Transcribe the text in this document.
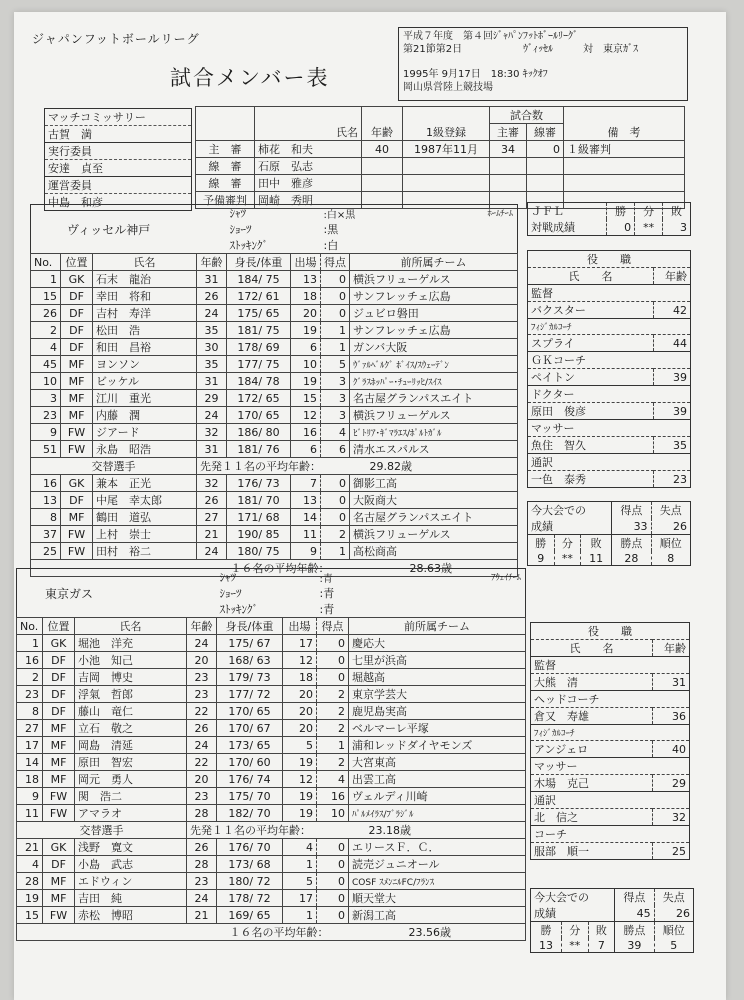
ジャパンフットボールリーグ
試合メンバー表
平成７年度　第４回ｼﾞｬﾊﾟﾝﾌｯﾄﾎﾞｰﾙﾘｰｸﾞ
第21節第2日	ｳﾞｨｯｾﾙ	対	東京ｶﾞｽ
1995年 9月17日　18:30 ｷｯｸｵﾌ
岡山県営陸上競技場
マッチコミッサリー
古賀　満
実行委員
安達　貞至
運営委員
中島　和彦
	氏名	年齢	1級登録	試合数		備　考
				主審	線審	
主　審	柿花　和夫	40	1987年11月	34	0	１級審判
線　審	石原　弘志					
線　審	田中　雅彦					
予備審判	岡崎　秀明					
ＪＦＬ	勝	分	敗
対戦成績	0	**	3
ヴィッセル神戸				ｼｬﾂ		:白×黒 ﾎｰﾑﾁｰﾑ	

				ｼｮｰﾂ		:黒	
				ｽﾄｯｷﾝｸﾞ		:白	
No.	位置	氏名	年齢	身長/体重	出場	得点	前所属チーム
1	GK	石末　龍治	31	184/ 75	13	0	横浜フリューゲルス
15	DF	幸田　将和	26	172/ 61	18	0	サンフレッチェ広島
26	DF	吉村　寿洋	24	175/ 65	20	0	ジュビロ磐田
2	DF	松田　浩	35	181/ 75	19	1	サンフレッチェ広島
4	DF	和田　昌裕	30	178/ 69	6	1	ガンバ大阪
45	MF	ヨンソン	35	177/ 75	10	5	ｳﾞｧﾙﾍﾞﾙｸﾞ ﾎﾞｲｽ/ｽｳｪｰﾃﾞﾝ
10	MF	ビッケル	31	184/ 78	19	3	ｸﾞﾗｽﾎｯﾊﾟｰ･ﾁｭｰﾘｯﾋ/ｽｲｽ
3	MF	江川　重光	29	172/ 65	15	3	名古屋グランパスエイト
23	MF	内藤　潤	24	170/ 65	12	3	横浜フリューゲルス
9	FW	ジアード	32	186/ 80	16	4	ﾋﾞﾄﾘｱ･ｷﾞﾏﾗｴｽ/ﾎﾟﾙﾄｶﾞﾙ
51	FW	永島　昭浩	31	181/ 76	6	6	清水エスパルス
交替選手			先発１１名の平均年齢：				29.82歳
16	GK	兼本　正光	32	176/ 73	7	0	御影工高
13	DF	中尾　幸太郎	26	181/ 70	13	0	大阪商大
8	MF	鶴田　道弘	27	171/ 68	14	0	名古屋グランパスエイト
37	FW	上村　崇士	21	190/ 85	11	2	横浜フリューゲルス
25	FW	田村　裕二	24	180/ 75	9	1	高松商高
１６名の平均年齢：							28.63歳
役　　職	
氏　　名	年齢
監督	
バクスター	42
ﾌｨｼﾞｶﾙｺｰﾁ	
スプライ	44
ＧＫコーチ	
ペイトン	39
ドクター	
原田　俊彦	39
マッサー	
魚住　智久	35
通訳	
一色　泰秀	23
今大会での			得点	失点
成績			33	26
勝	分	敗	勝点	順位
9	**	11	28	8
東京ガス				ｼｬﾂ		:青 ｱｳｪｲﾁｰﾑ	

				ｼｮｰﾂ		:青	
				ｽﾄｯｷﾝｸﾞ		:青	
No.	位置	氏名	年齢	身長/体重	出場	得点	前所属チーム
1	GK	堀池　洋充	24	175/ 67	17	0	慶応大
16	DF	小池　知己	20	168/ 63	12	0	七里が浜高
2	DF	吉岡　博史	23	179/ 73	18	0	堀越高
23	DF	浮氣　哲郎	23	177/ 72	20	2	東京学芸大
8	DF	藤山　竜仁	22	170/ 65	20	2	鹿児島実高
27	MF	立石　敬之	26	170/ 67	20	2	ベルマーレ平塚
17	MF	岡島　清延	24	173/ 65	5	1	浦和レッドダイヤモンズ
14	MF	原田　智宏	22	170/ 60	19	2	大宮東高
18	MF	岡元　勇人	20	176/ 74	12	4	出雲工高
9	FW	関　浩二	23	175/ 70	19	16	ヴェルディ川崎
11	FW	アマラオ	28	182/ 70	19	10	ﾊﾟﾙﾒｲﾗｽ/ﾌﾞﾗｼﾞﾙ
交替選手			先発１１名の平均年齢：				23.18歳
21	GK	浅野　寛文	26	176/ 70	4	0	エリースＦ．Ｃ．
4	DF	小島　武志	28	173/ 68	1	0	読売ジュニオール
28	MF	エドウィン	23	180/ 72	5	0	COSF ｽﾒﾝﾆﾙFC/ﾌﾗﾝｽ
19	MF	吉田　純	24	178/ 72	17	0	順天堂大
15	FW	赤松　博昭	21	169/ 65	1	0	新潟工高
１６名の平均年齢：							23.56歳
役　　職	
氏　　名	年齢
監督	
大熊　清	31
ヘッドコーチ	
倉又　寿雄	36
ﾌｨｼﾞｶﾙｺｰﾁ	
アンジェロ	40
マッサー	
木場　克己	29
通訳	
北　信之	32
コーチ	
服部　順一	25
今大会での			得点	失点
成績			45	26
勝	分	敗	勝点	順位
13	**	7	39	5
